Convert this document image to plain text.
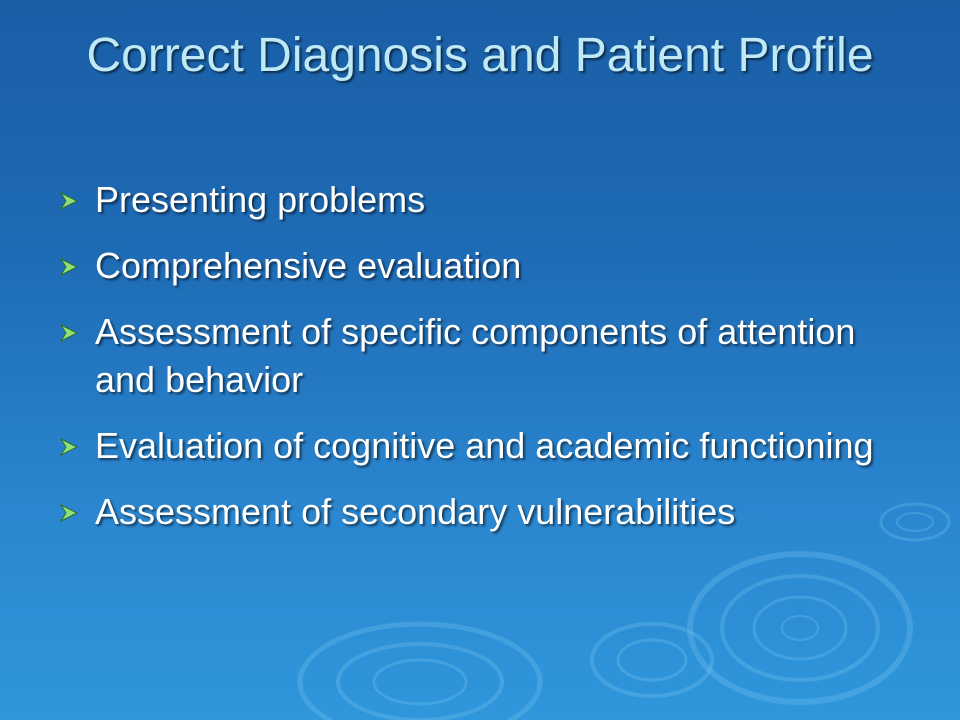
Correct Diagnosis and Patient Profile
Presenting problems
Comprehensive evaluation
Assessment of specific components of attention and behavior
Evaluation of cognitive and academic functioning
Assessment of secondary vulnerabilities
